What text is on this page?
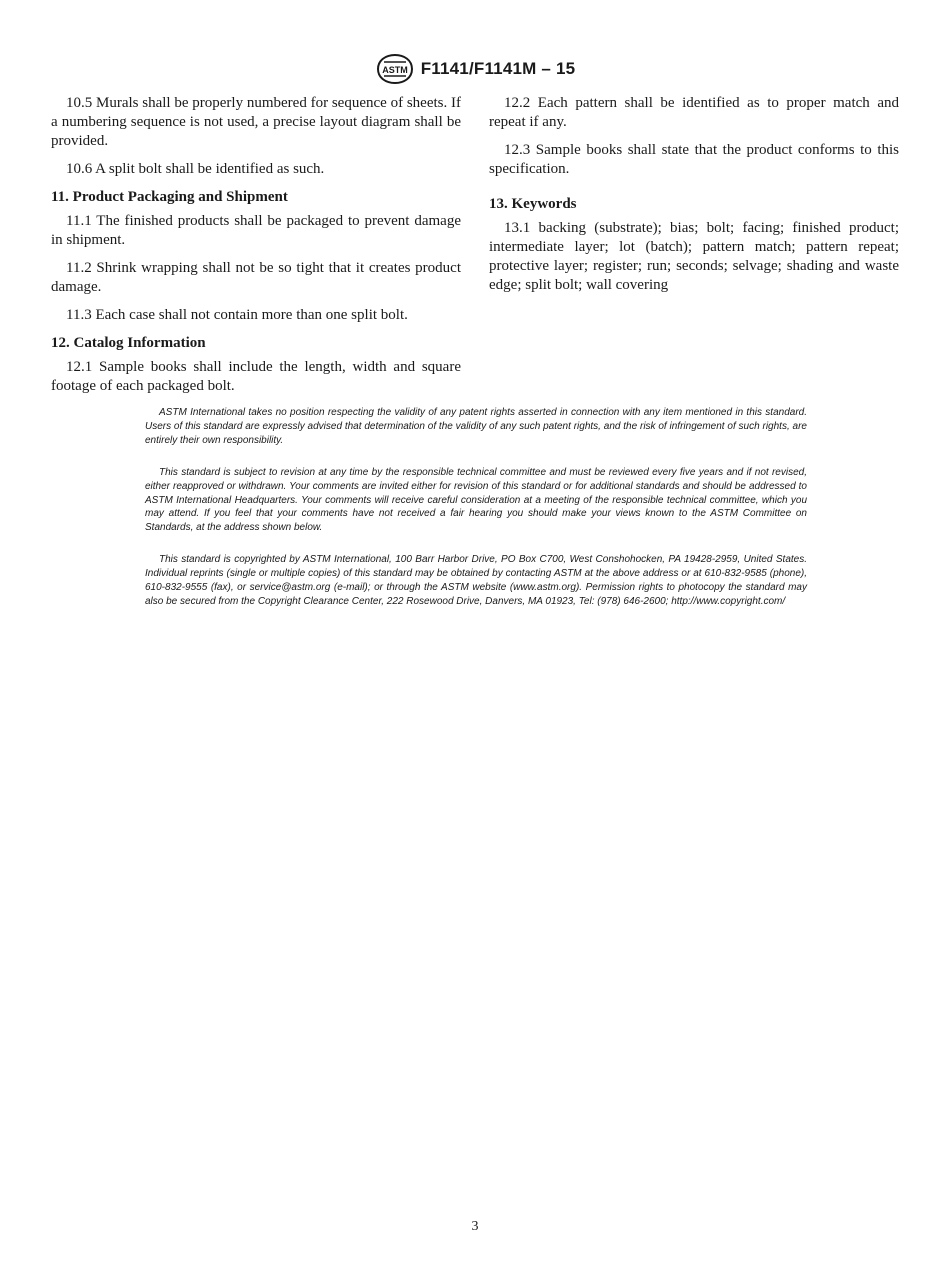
ASTM F1141/F1141M – 15

10.5 Murals shall be properly numbered for sequence of sheets. If a numbering sequence is not used, a precise layout diagram shall be provided.

10.6 A split bolt shall be identified as such.

11. Product Packaging and Shipment

11.1 The finished products shall be packaged to prevent damage in shipment.

11.2 Shrink wrapping shall not be so tight that it creates product damage.

11.3 Each case shall not contain more than one split bolt.

12. Catalog Information

12.1 Sample books shall include the length, width and square footage of each packaged bolt.

12.2 Each pattern shall be identified as to proper match and repeat if any.

12.3 Sample books shall state that the product conforms to this specification.

13. Keywords

13.1 backing (substrate); bias; bolt; facing; finished product; intermediate layer; lot (batch); pattern match; pattern repeat; protective layer; register; run; seconds; selvage; shading and waste edge; split bolt; wall covering

ASTM International takes no position respecting the validity of any patent rights asserted in connection with any item mentioned in this standard. Users of this standard are expressly advised that determination of the validity of any such patent rights, and the risk of infringement of such rights, are entirely their own responsibility.

This standard is subject to revision at any time by the responsible technical committee and must be reviewed every five years and if not revised, either reapproved or withdrawn. Your comments are invited either for revision of this standard or for additional standards and should be addressed to ASTM International Headquarters. Your comments will receive careful consideration at a meeting of the responsible technical committee, which you may attend. If you feel that your comments have not received a fair hearing you should make your views known to the ASTM Committee on Standards, at the address shown below.

This standard is copyrighted by ASTM International, 100 Barr Harbor Drive, PO Box C700, West Conshohocken, PA 19428-2959, United States. Individual reprints (single or multiple copies) of this standard may be obtained by contacting ASTM at the above address or at 610-832-9585 (phone), 610-832-9555 (fax), or service@astm.org (e-mail); or through the ASTM website (www.astm.org). Permission rights to photocopy the standard may also be secured from the Copyright Clearance Center, 222 Rosewood Drive, Danvers, MA 01923, Tel: (978) 646-2600; http://www.copyright.com/

3
